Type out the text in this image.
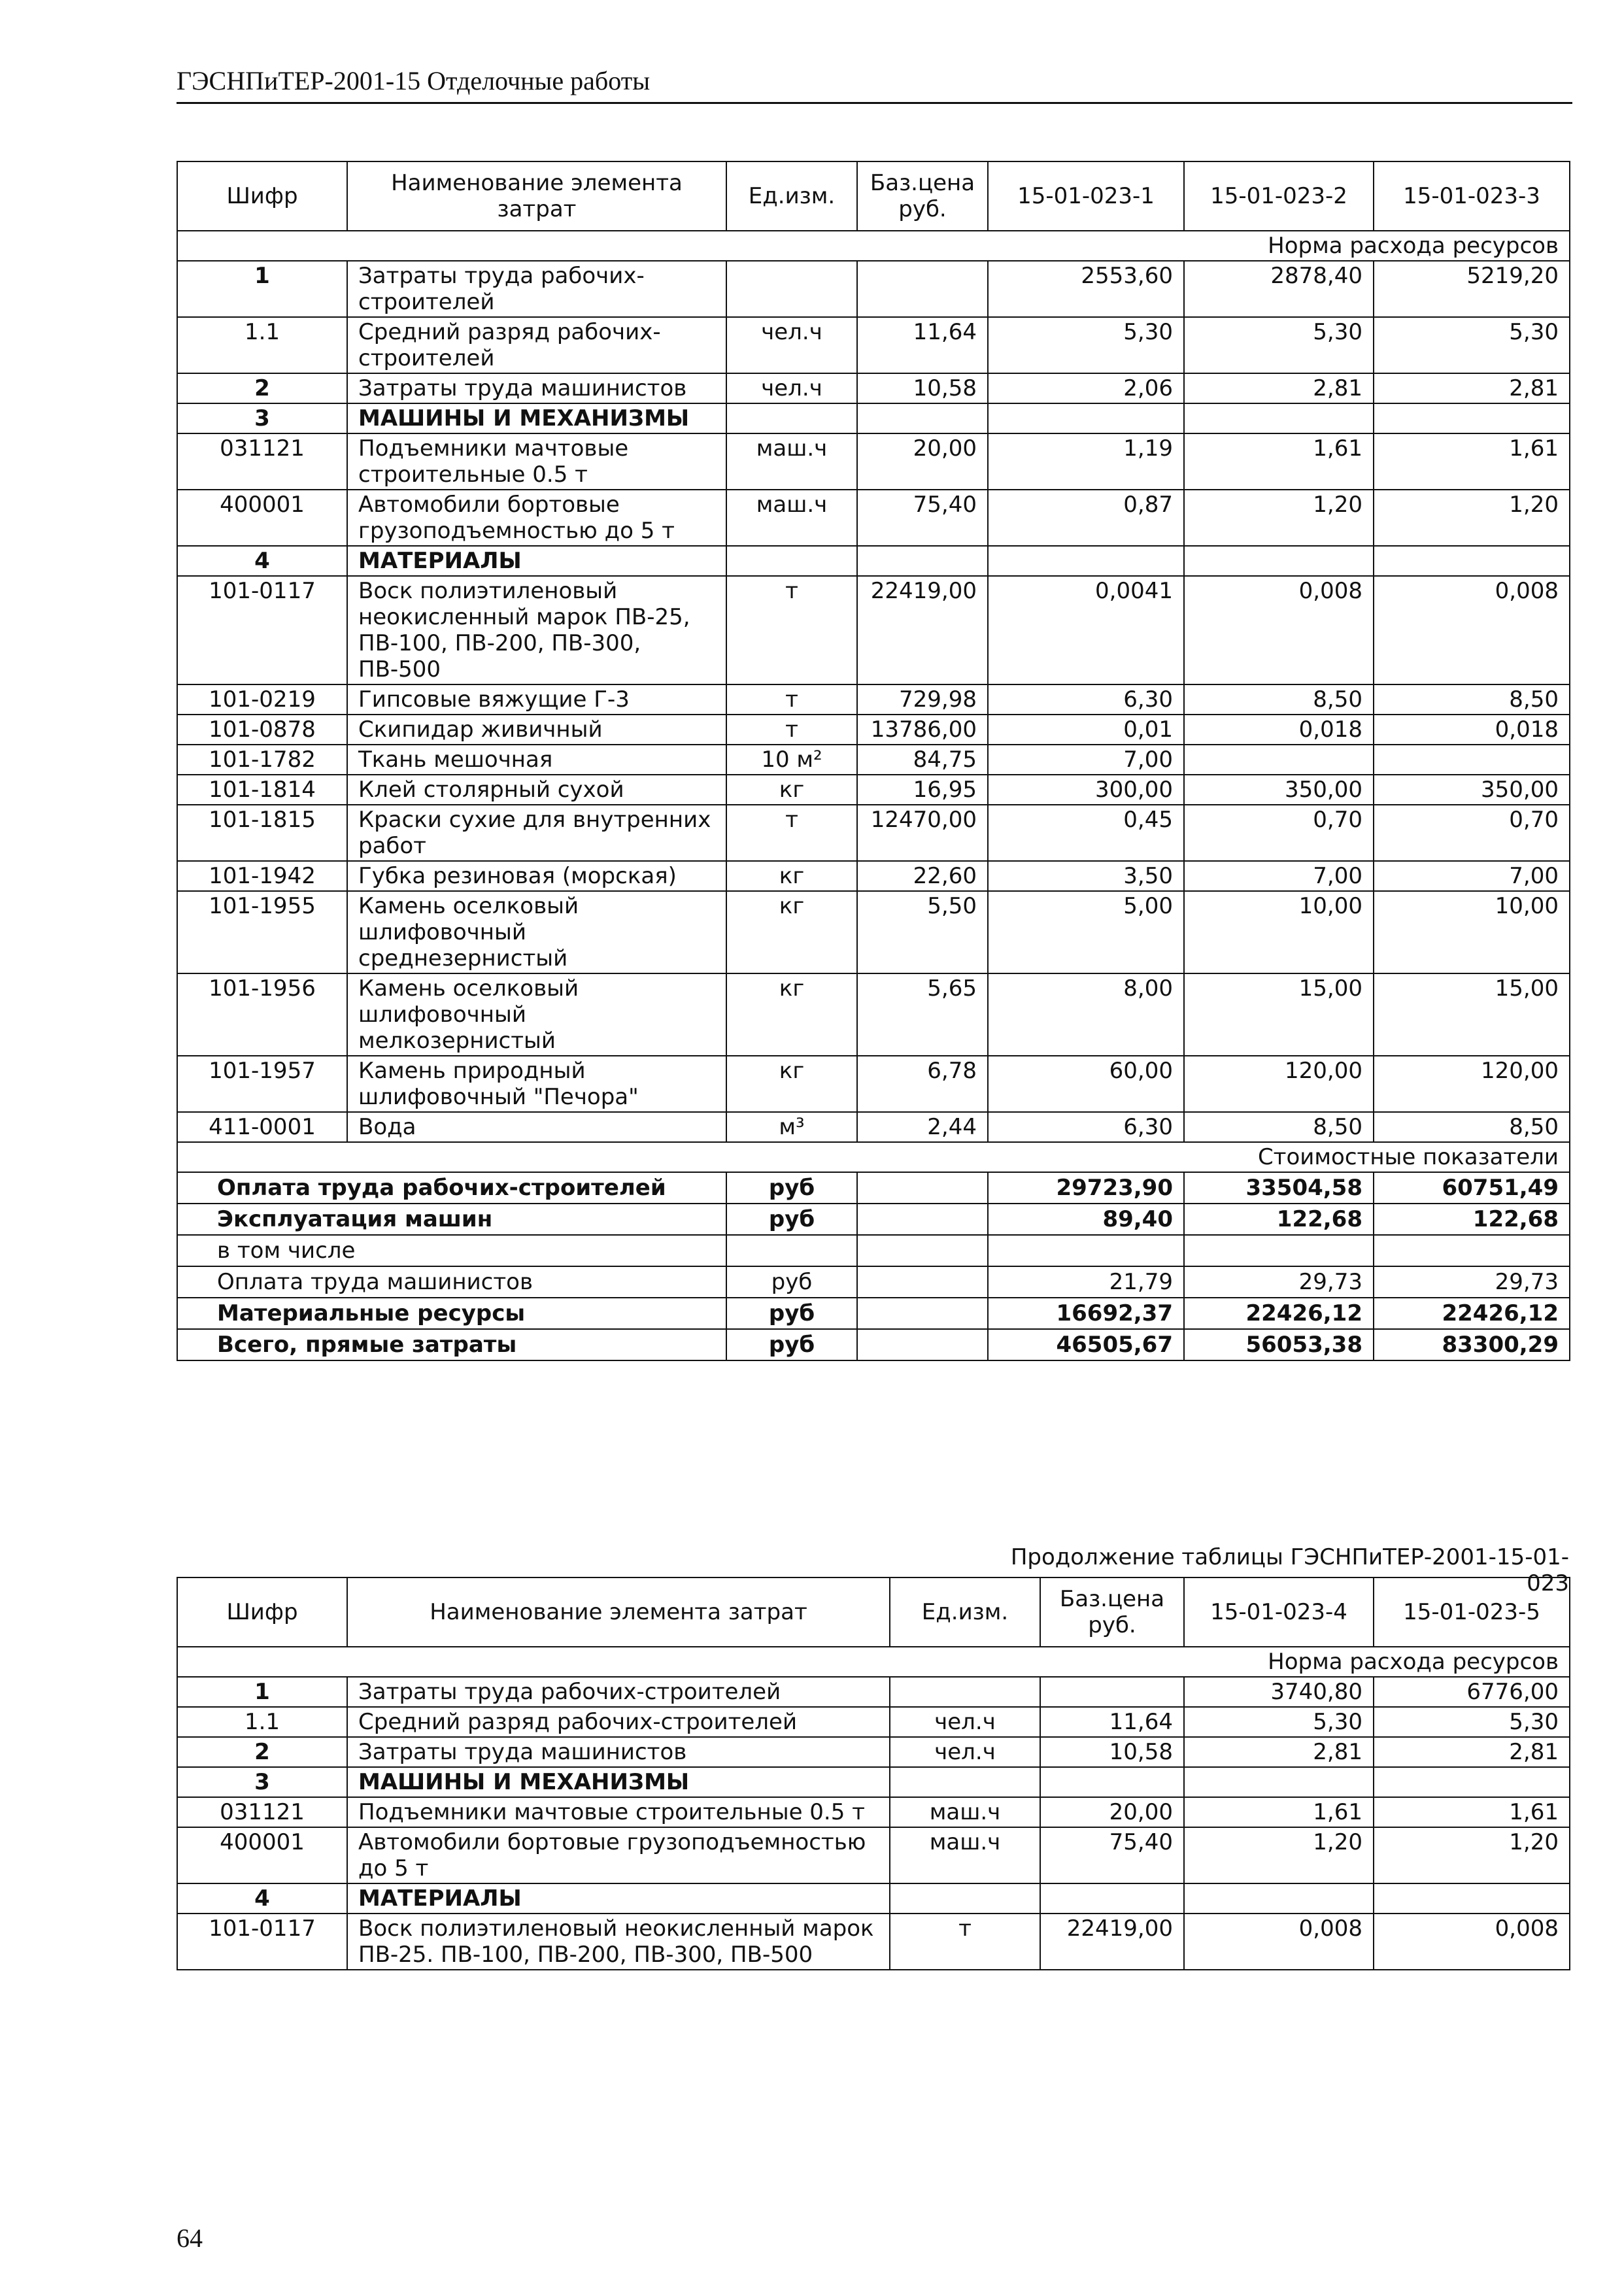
ГЭСНПиТЕР-2001-15 Отделочные работы
Шифр	Наименование элемента затрат	Ед.изм.	Баз.цена руб.	15-01-023-1	15-01-023-2	15-01-023-3
Норма расхода ресурсов						
1	Затраты труда рабочих-строителей			2553,60	2878,40	5219,20
1.1	Средний разряд рабочих-строителей	чел.ч	11,64	5,30	5,30	5,30
2	Затраты труда машинистов	чел.ч	10,58	2,06	2,81	2,81
3	МАШИНЫ И МЕХАНИЗМЫ					
031121	Подъемники мачтовые строительные 0.5 т	маш.ч	20,00	1,19	1,61	1,61
400001	Автомобили бортовые грузоподъемностью до 5 т	маш.ч	75,40	0,87	1,20	1,20
4	МАТЕРИАЛЫ					
101-0117	Воск полиэтиленовый неокисленный марок ПВ-25, ПВ-100, ПВ-200, ПВ-300, ПВ-500	т	22419,00	0,0041	0,008	0,008
101-0219	Гипсовые вяжущие Г-3	т	729,98	6,30	8,50	8,50
101-0878	Скипидар живичный	т	13786,00	0,01	0,018	0,018
101-1782	Ткань мешочная	10 м²	84,75	7,00		
101-1814	Клей столярный сухой	кг	16,95	300,00	350,00	350,00
101-1815	Краски сухие для внутренних работ	т	12470,00	0,45	0,70	0,70
101-1942	Губка резиновая (морская)	кг	22,60	3,50	7,00	7,00
101-1955	Камень оселковый шлифовочный среднезернистый	кг	5,50	5,00	10,00	10,00
101-1956	Камень оселковый шлифовочный мелкозернистый	кг	5,65	8,00	15,00	15,00
101-1957	Камень природный шлифовочный "Печора"	кг	6,78	60,00	120,00	120,00
411-0001	Вода	м³	2,44	6,30	8,50	8,50
Стоимостные показатели						
Оплата труда рабочих-строителей		руб		29723,90	33504,58	60751,49
Эксплуатация машин		руб		89,40	122,68	122,68
в том числе						
Оплата труда машинистов		руб		21,79	29,73	29,73
Материальные ресурсы		руб		16692,37	22426,12	22426,12
Всего, прямые затраты		руб		46505,67	56053,38	83300,29
Продолжение таблицы ГЭСНПиТЕР-2001-15-01-023
Шифр	Наименование элемента затрат	Ед.изм.	Баз.цена руб.	15-01-023-4	15-01-023-5
Норма расхода ресурсов					
1	Затраты труда рабочих-строителей			3740,80	6776,00
1.1	Средний разряд рабочих-строителей	чел.ч	11,64	5,30	5,30
2	Затраты труда машинистов	чел.ч	10,58	2,81	2,81
3	МАШИНЫ И МЕХАНИЗМЫ				
031121	Подъемники мачтовые строительные 0.5 т	маш.ч	20,00	1,61	1,61
400001	Автомобили бортовые грузоподъемностью до 5 т	маш.ч	75,40	1,20	1,20
4	МАТЕРИАЛЫ				
101-0117	Воск полиэтиленовый неокисленный марок ПВ-25. ПВ-100, ПВ-200, ПВ-300, ПВ-500	т	22419,00	0,008	0,008
64
